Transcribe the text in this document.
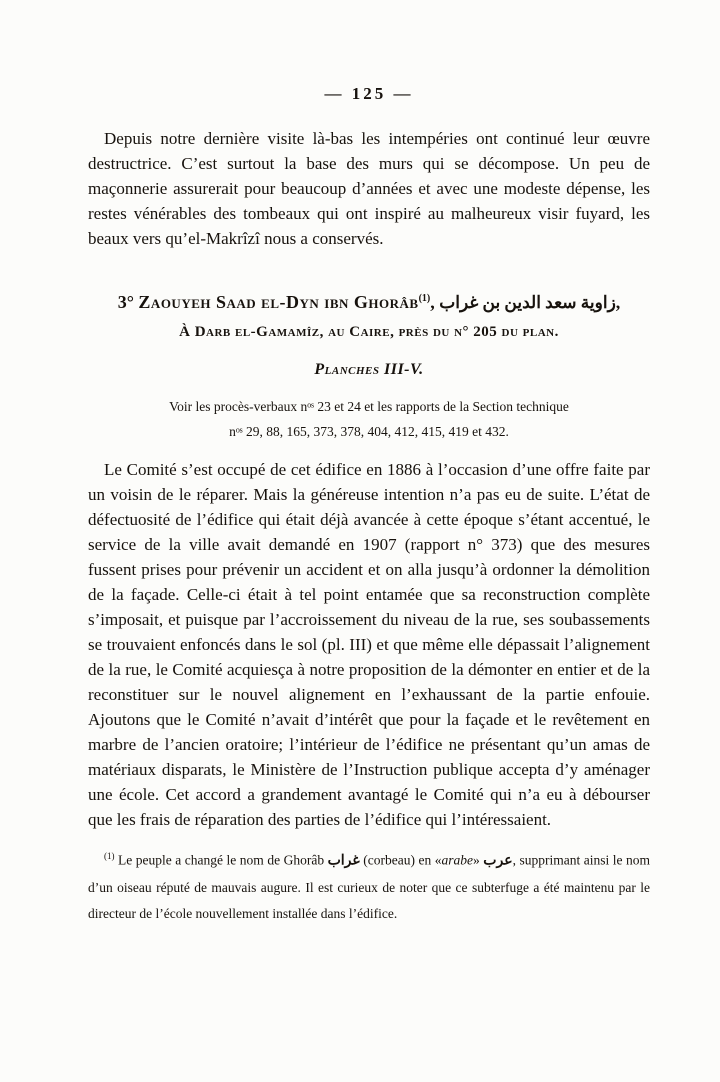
— 125 —

Depuis notre dernière visite là-bas les intempéries ont continué leur œuvre destructrice. C’est surtout la base des murs qui se décompose. Un peu de maçonnerie assurerait pour beaucoup d’années et avec une modeste dépense, les restes vénérables des tombeaux qui ont inspiré au malheureux visir fuyard, les beaux vers qu’el-Makrîzî nous a conservés.

3° Zaouyeh Saad el-Dyn ibn Ghorâb$^{(1)}$, زاوية سعد الدين بن غراب,
À Darb el-Gamamîz, au Caire, près du n° 205 du plan.
Planches III-V.
Voir les procès-verbaux nᵒˢ 23 et 24 et les rapports de la Section technique
nᵒˢ 29, 88, 165, 373, 378, 404, 412, 415, 419 et 432.

Le Comité s’est occupé de cet édifice en 1886 à l’occasion d’une offre faite par un voisin de le réparer. Mais la généreuse intention n’a pas eu de suite. L’état de défectuosité de l’édifice qui était déjà avancée à cette époque s’étant accentué, le service de la ville avait demandé en 1907 (rapport n° 373) que des mesures fussent prises pour prévenir un accident et on alla jusqu’à ordonner la démolition de la façade. Celle-ci était à tel point entamée que sa reconstruction complète s’imposait, et puisque par l’accroissement du niveau de la rue, ses soubassements se trouvaient enfoncés dans le sol (pl. III) et que même elle dépassait l’alignement de la rue, le Comité acquiesça à notre proposition de la démonter en entier et de la reconstituer sur le nouvel alignement en l’exhaussant de la partie enfouie. Ajoutons que le Comité n’avait d’intérêt que pour la façade et le revêtement en marbre de l’ancien oratoire; l’intérieur de l’édifice ne présentant qu’un amas de matériaux disparats, le Ministère de l’Instruction publique accepta d’y aménager une école. Cet accord a grandement avantagé le Comité qui n’a eu à débourser que les frais de réparation des parties de l’édifice qui l’intéressaient.

$^{(1)}$ Le peuple a changé le nom de Ghorâb غراب (corbeau) en «arabe» عرب, supprimant ainsi le nom d’un oiseau réputé de mauvais augure. Il est curieux de noter que ce subterfuge a été maintenu par le directeur de l’école nouvellement installée dans l’édifice.
